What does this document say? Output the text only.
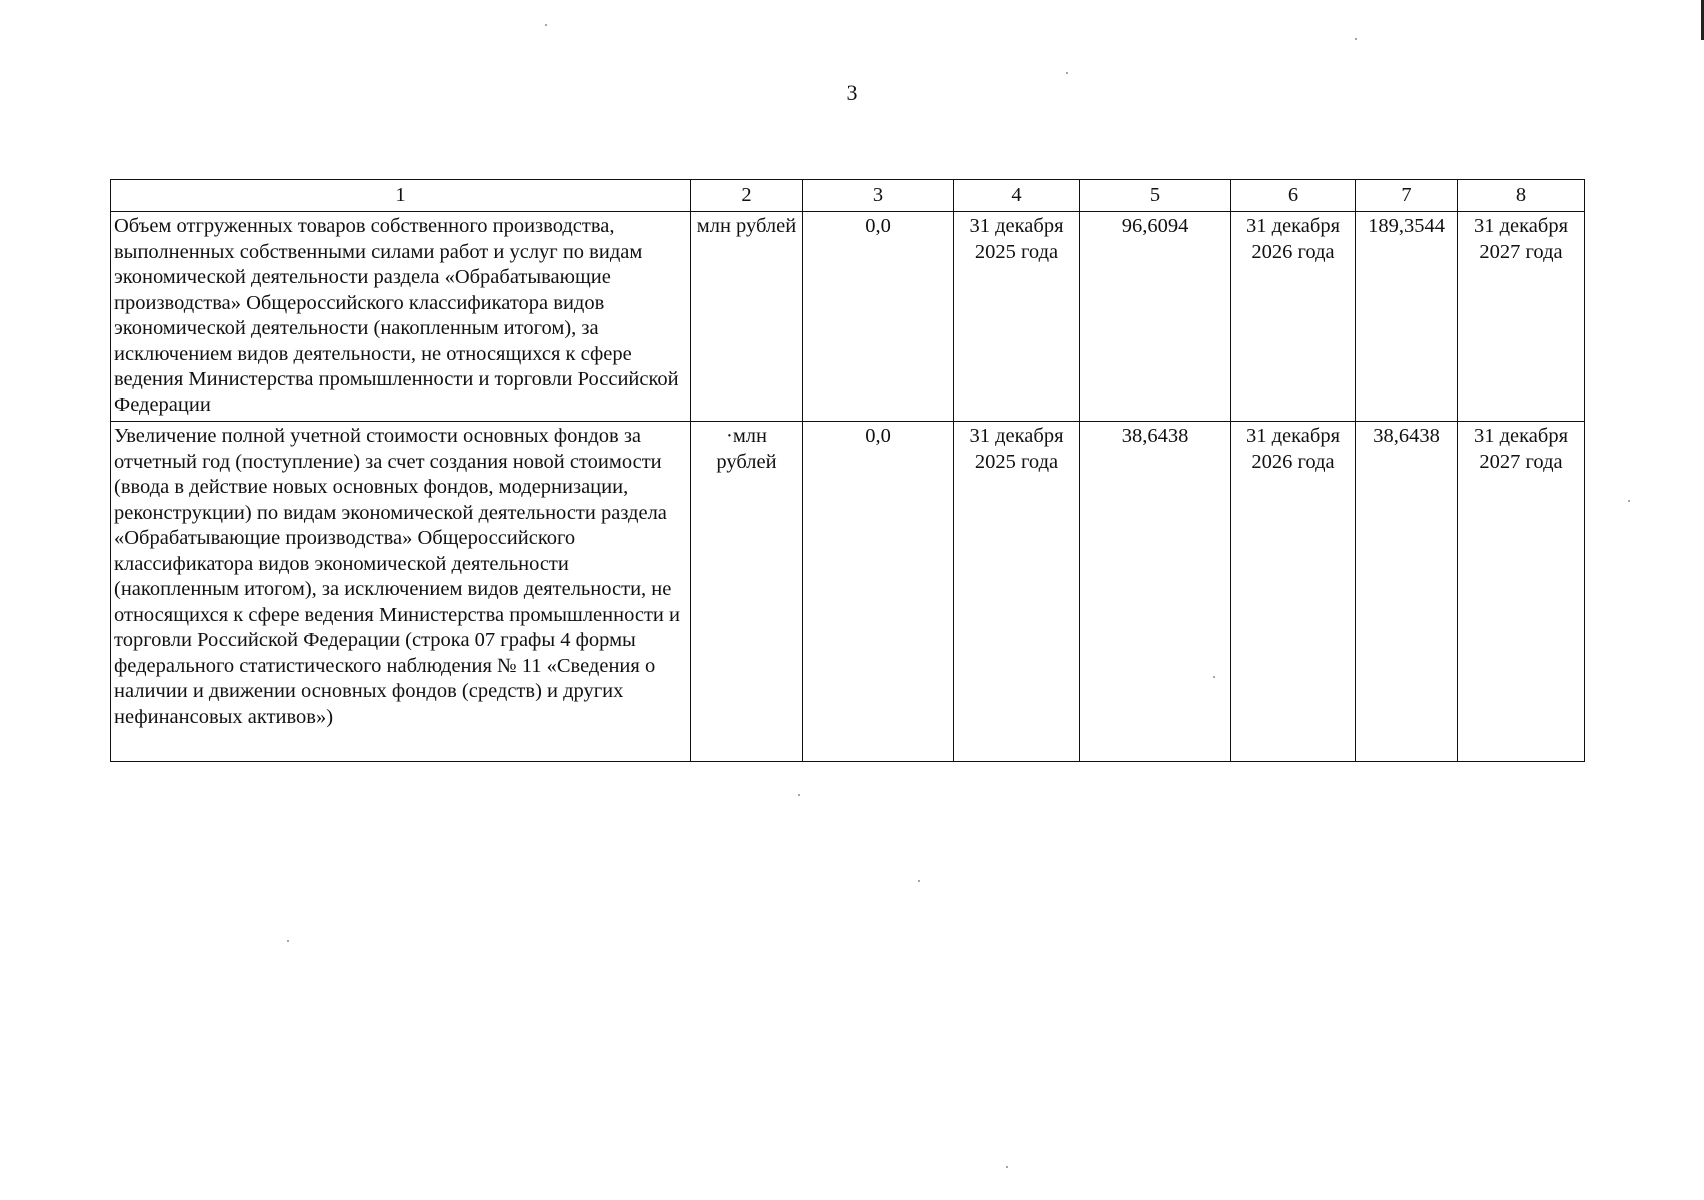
3
1	2	3	4	5	6	7	8
Объем отгруженных товаров собственного производства, выполненных собственными силами работ и услуг по видам экономической деятельности раздела «Обрабатывающие производства» Общероссийского классификатора видов экономической деятельности (накопленным итогом), за исключением видов деятельности, не относящихся к сфере ведения Министерства промышленности и торговли Российской Федерации	млн рублей	0,0	31 декабря 2025 года	96,6094	31 декабря 2026 года	189,3544	31 декабря 2027 года
Увеличение полной учетной стоимости основных фондов за отчетный год (поступление) за счет создания новой стоимости (ввода в действие новых основных фондов, модернизации, реконструкции) по видам экономической деятельности раздела «Обрабатывающие производства» Общероссийского классификатора видов экономической деятельности (накопленным итогом), за исключением видов деятельности, не относящихся к сфере ведения Министерства промышленности и торговли Российской Федерации (строка 07 графы 4 формы федерального статистического наблюдения № 11 «Сведения о наличии и движении основных фондов (средств) и других нефинансовых активов»)	·млн рублей	0,0	31 декабря 2025 года	38,6438	31 декабря 2026 года	38,6438	31 декабря 2027 года
